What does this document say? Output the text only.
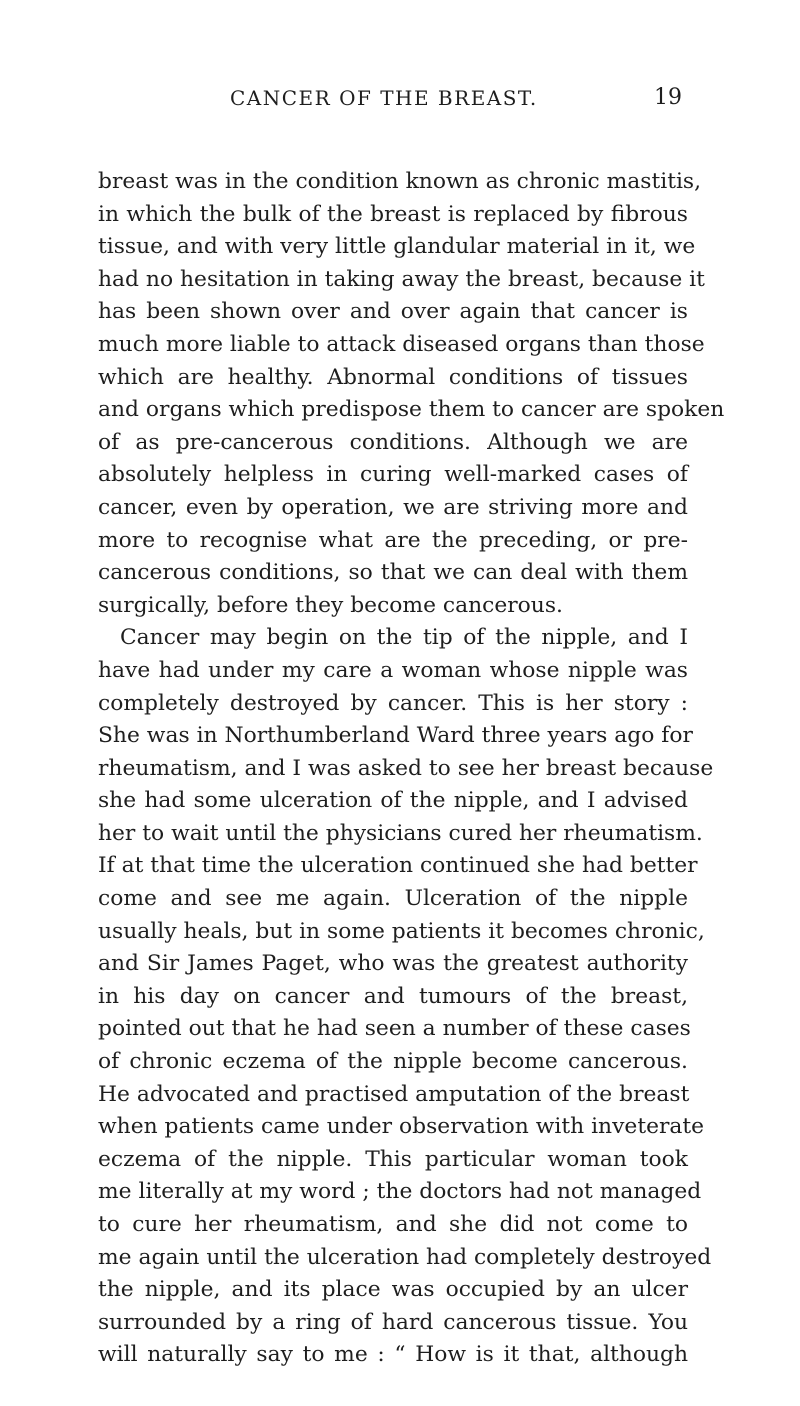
CANCER OF THE BREAST.	19
breast was in the condition known as chronic mastitis,
in which the bulk of the breast is replaced by fibrous
tissue, and with very little glandular material in it, we
had no hesitation in taking away the breast, because it
has been shown over and over again that cancer is
much more liable to attack diseased organs than those
which are healthy. Abnormal conditions of tissues
and organs which predispose them to cancer are spoken
of as pre-cancerous conditions. Although we are
absolutely helpless in curing well-marked cases of
cancer, even by operation, we are striving more and
more to recognise what are the preceding, or pre-
cancerous conditions, so that we can deal with them
surgically, before they become cancerous.
Cancer may begin on the tip of the nipple, and I
have had under my care a woman whose nipple was
completely destroyed by cancer. This is her story :
She was in Northumberland Ward three years ago for
rheumatism, and I was asked to see her breast because
she had some ulceration of the nipple, and I advised
her to wait until the physicians cured her rheumatism.
If at that time the ulceration continued she had better
come and see me again. Ulceration of the nipple
usually heals, but in some patients it becomes chronic,
and Sir James Paget, who was the greatest authority
in his day on cancer and tumours of the breast,
pointed out that he had seen a number of these cases
of chronic eczema of the nipple become cancerous.
He advocated and practised amputation of the breast
when patients came under observation with inveterate
eczema of the nipple. This particular woman took
me literally at my word ; the doctors had not managed
to cure her rheumatism, and she did not come to
me again until the ulceration had completely destroyed
the nipple, and its place was occupied by an ulcer
surrounded by a ring of hard cancerous tissue. You
will naturally say to me : “ How is it that, although
